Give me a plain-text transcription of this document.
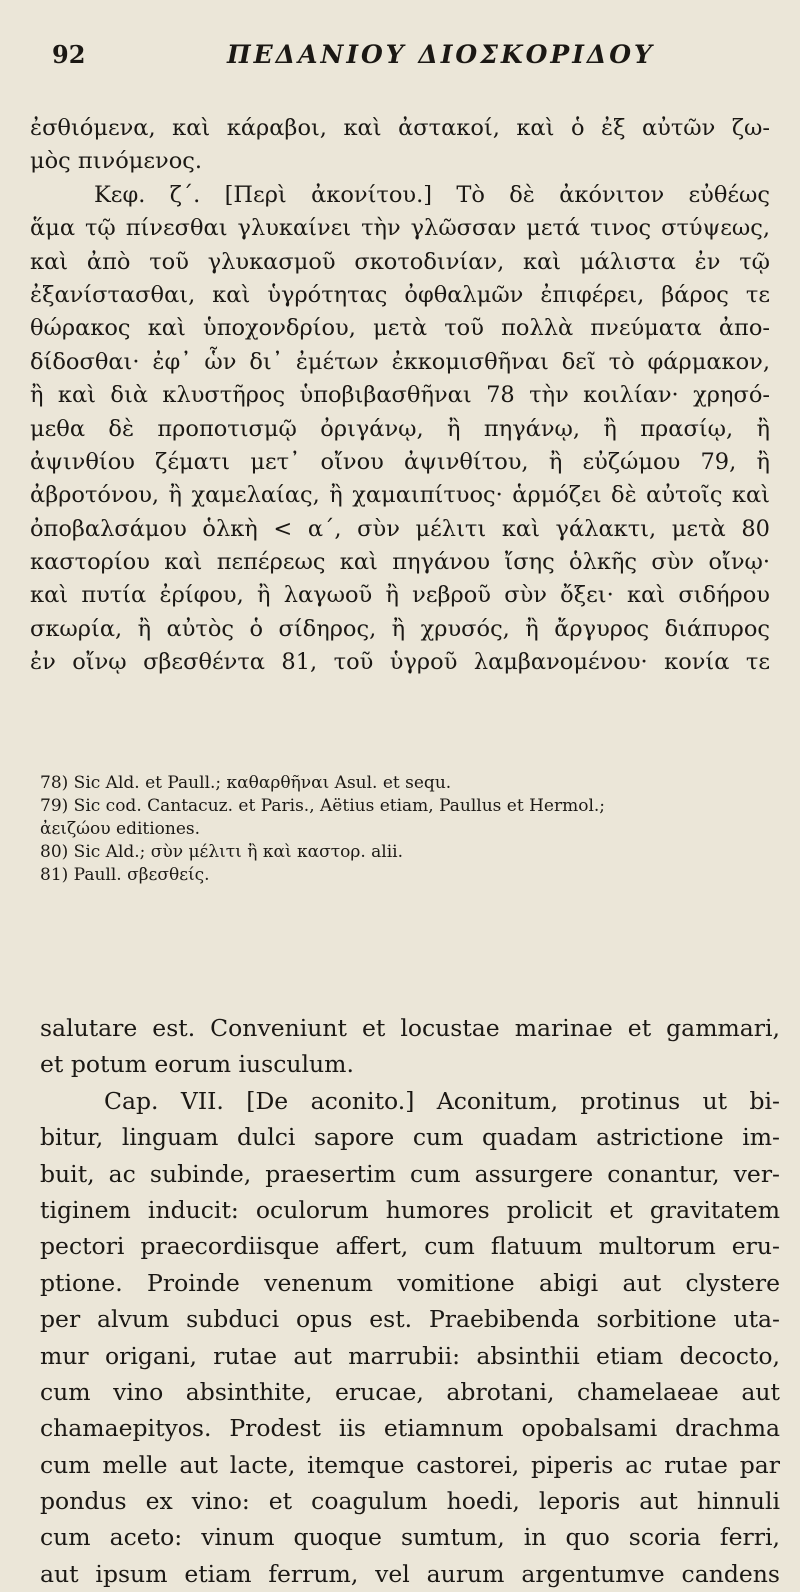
92	ΠΕΔΑΝΙΟΥ ΔΙΟΣΚΟΡΙΔΟΥ
ἐσθιόμενα, καὶ κάραβοι, καὶ ἀστακοί, καὶ ὁ ἐξ αὐτῶν ζω-
μὸς πινόμενος.
Κεφ. ζ΄. [Περὶ ἀκονίτου.] Τὸ δὲ ἀκόνιτον εὐθέως
ἅμα τῷ πίνεσθαι γλυκαίνει τὴν γλῶσσαν μετά τινος στύψεως,
καὶ ἀπὸ τοῦ γλυκασμοῦ σκοτοδινίαν, καὶ μάλιστα ἐν τῷ
ἐξανίστασθαι, καὶ ὑγρότητας ὀφθαλμῶν ἐπιφέρει, βάρος τε
θώρακος καὶ ὑποχονδρίου, μετὰ τοῦ πολλὰ πνεύματα ἀπο-
δίδοσθαι· ἐφ᾽ ὧν δι᾽ ἐμέτων ἐκκομισθῆναι δεῖ τὸ φάρμακον,
ἢ καὶ διὰ κλυστῆρος ὑποβιβασθῆναι 78 τὴν κοιλίαν· χρησό-
μεθα δὲ προποτισμῷ ὀριγάνῳ, ἢ πηγάνῳ, ἢ πρασίῳ, ἢ
ἀψινθίου ζέματι μετ᾽ οἴνου ἀψινθίτου, ἢ εὐζώμου 79, ἢ
ἀβροτόνου, ἢ χαμελαίας, ἢ χαμαιπίτυος· ἁρμόζει δὲ αὐτοῖς καὶ
ὀποβαλσάμου ὁλκὴ < α΄, σὺν μέλιτι καὶ γάλακτι, μετὰ 80
καστορίου καὶ πεπέρεως καὶ πηγάνου ἴσης ὁλκῆς σὺν οἴνῳ·
καὶ πυτία ἐρίφου, ἢ λαγωοῦ ἢ νεβροῦ σὺν ὄξει· καὶ σιδήρου
σκωρία, ἢ αὐτὸς ὁ σίδηρος, ἢ χρυσός, ἢ ἄργυρος διάπυρος
ἐν οἴνῳ σβεσθέντα 81, τοῦ ὑγροῦ λαμβανομένου· κονία τε
78) Sic Ald. et Paull.; καθαρθῆναι Asul. et sequ.
79) Sic cod. Cantacuz. et Paris., Aëtius etiam, Paullus et Hermol.;
ἀειζώου editiones.
80) Sic Ald.; σὺν μέλιτι ἢ καὶ καστορ. alii.
81) Paull. σβεσθείς.
salutare est. Conveniunt et locustae marinae et gammari,
et potum eorum iusculum.
Cap. VII. [De aconito.] Aconitum, protinus ut bi-
bitur, linguam dulci sapore cum quadam astrictione im-
buit, ac subinde, praesertim cum assurgere conantur, ver-
tiginem inducit: oculorum humores prolicit et gravitatem
pectori praecordiisque affert, cum flatuum multorum eru-
ptione. Proinde venenum vomitione abigi aut clystere
per alvum subduci opus est. Praebibenda sorbitione uta-
mur origani, rutae aut marrubii: absinthii etiam decocto,
cum vino absinthite, erucae, abrotani, chamelaeae aut
chamaepityos. Prodest iis etiamnum opobalsami drachma
cum melle aut lacte, itemque castorei, piperis ac rutae par
pondus ex vino: et coagulum hoedi, leporis aut hinnuli
cum aceto: vinum quoque sumtum, in quo scoria ferri,
aut ipsum etiam ferrum, vel aurum argentumve candens
